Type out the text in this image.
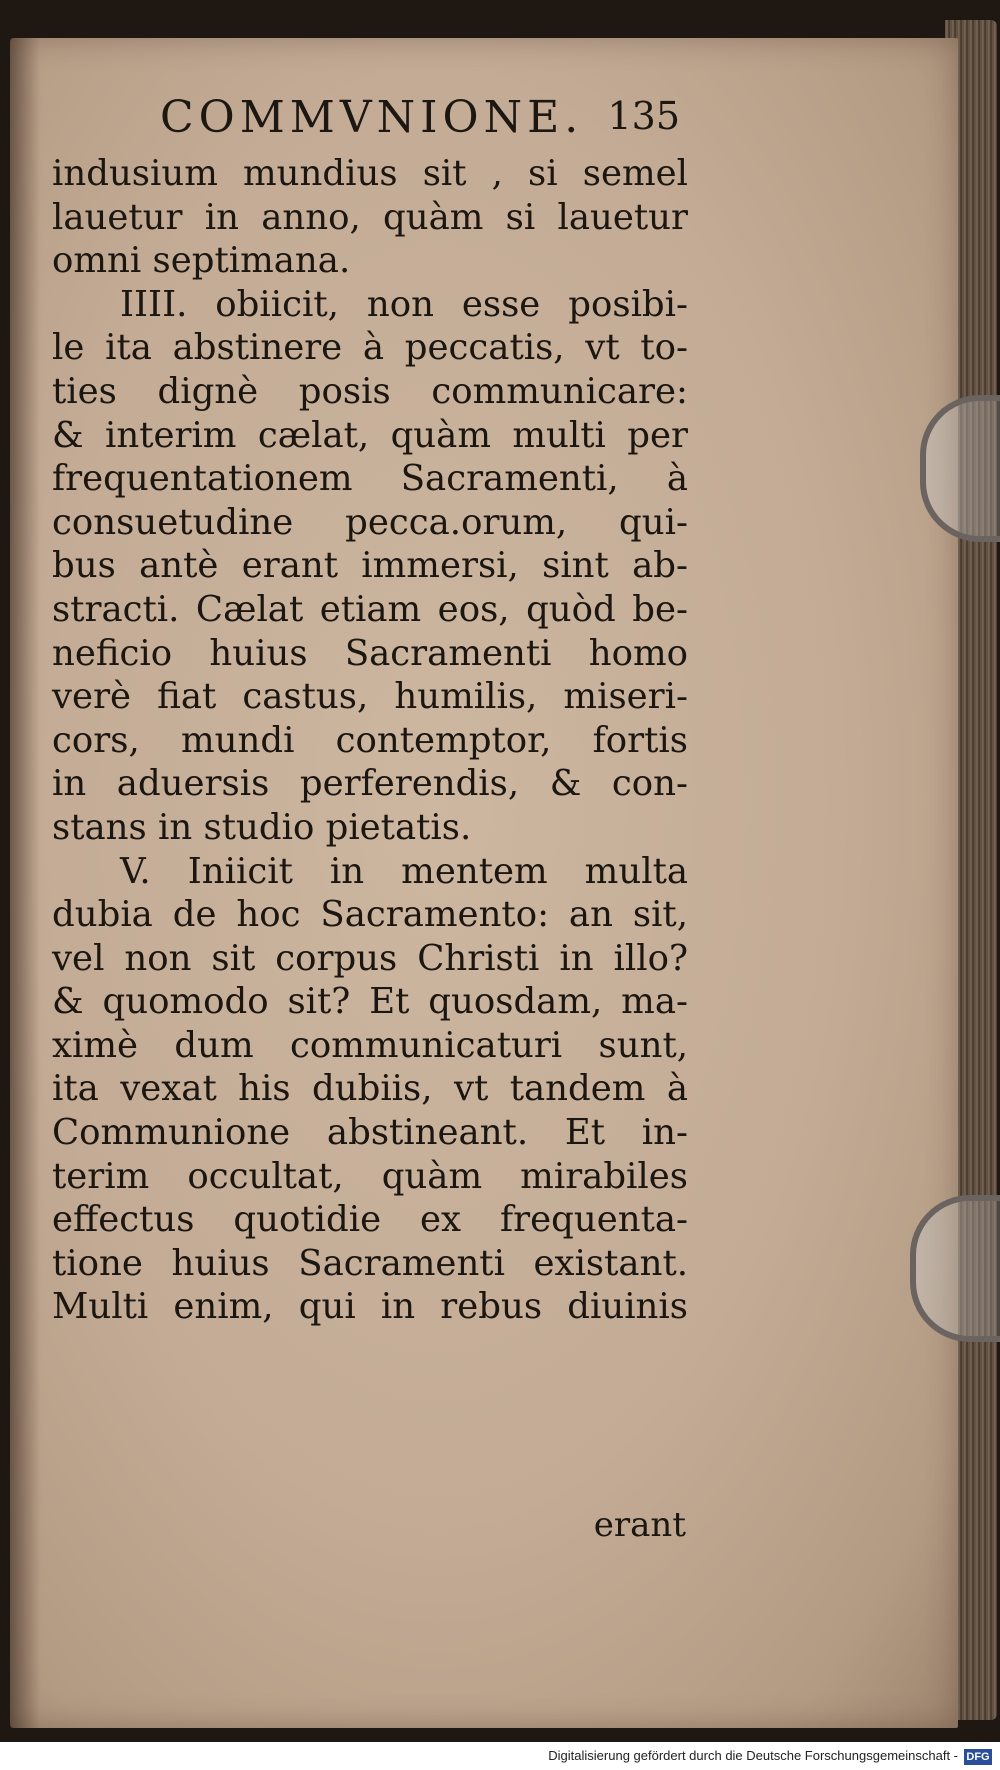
COMMVNIONE. 135
indusium mundius sit , si semel
lauetur in anno, quàm si lauetur
omni septimana.
IIII. obiicit, non esse posibi-
le ita abstinere à peccatis, vt to-
ties dignè posis communicare:
& interim cælat, quàm multi per
frequentationem Sacramenti, à
consuetudine pecca.orum, qui-
bus antè erant immersi, sint ab-
stracti. Cælat etiam eos, quòd be-
neficio huius Sacramenti homo
verè fiat castus, humilis, miseri-
cors, mundi contemptor, fortis
in aduersis perferendis, & con-
stans in studio pietatis.
V. Iniicit in mentem multa
dubia de hoc Sacramento: an sit,
vel non sit corpus Christi in illo?
& quomodo sit? Et quosdam, ma-
ximè dum communicaturi sunt,
ita vexat his dubiis, vt tandem à
Communione abstineant. Et in-
terim occultat, quàm mirabiles
effectus quotidie ex frequenta-
tione huius Sacramenti existant.
Multi enim, qui in rebus diuinis
erant
Digitalisierung gefördert durch die Deutsche Forschungsgemeinschaft - DFG
